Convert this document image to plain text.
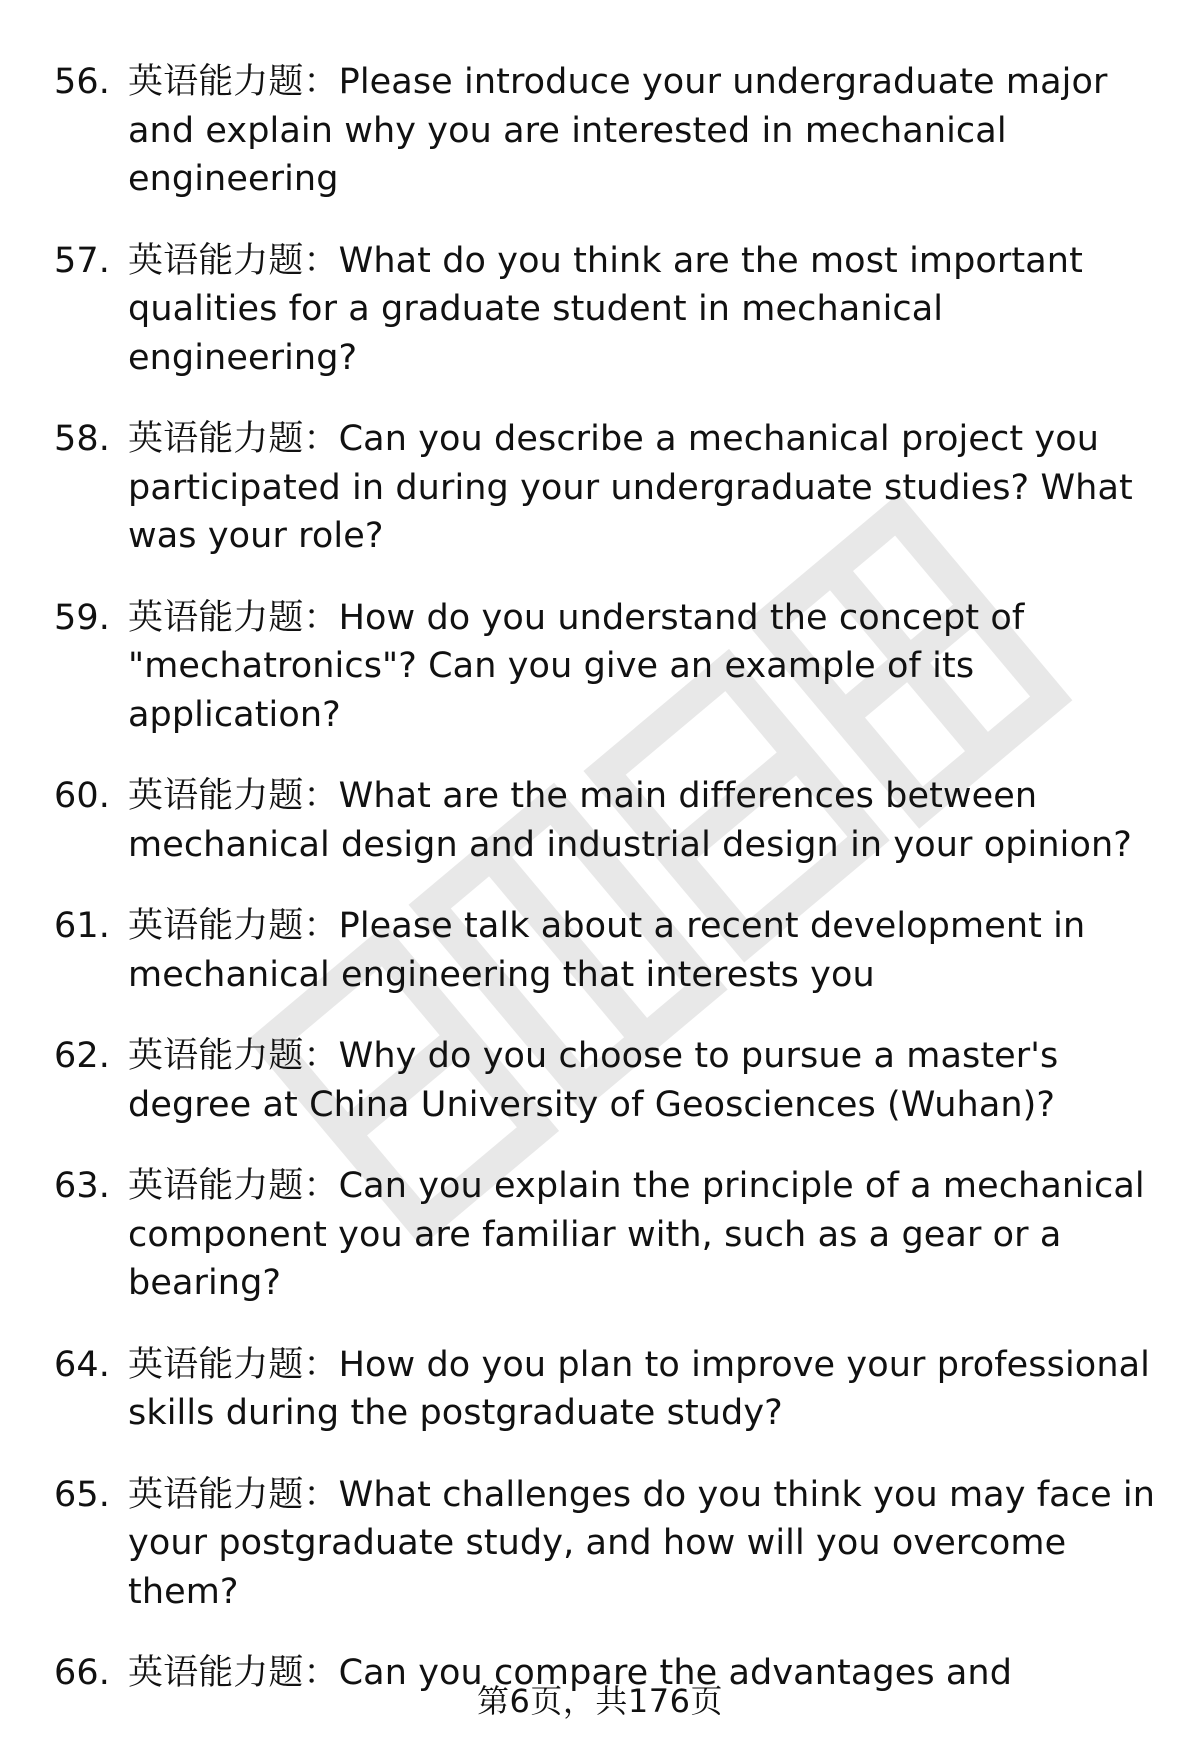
56. 英语能力题：Please introduce your undergraduate major and explain why you are interested in mechanical engineering
57. 英语能力题：What do you think are the most important qualities for a graduate student in mechanical engineering?
58. 英语能力题：Can you describe a mechanical project you participated in during your undergraduate studies? What was your role?
59. 英语能力题：How do you understand the concept of "mechatronics"? Can you give an example of its application?
60. 英语能力题：What are the main differences between mechanical design and industrial design in your opinion?
61. 英语能力题：Please talk about a recent development in mechanical engineering that interests you
62. 英语能力题：Why do you choose to pursue a master's degree at China University of Geosciences (Wuhan)?
63. 英语能力题：Can you explain the principle of a mechanical component you are familiar with, such as a gear or a bearing?
64. 英语能力题：How do you plan to improve your professional skills during the postgraduate study?
65. 英语能力题：What challenges do you think you may face in your postgraduate study, and how will you overcome them?
66. 英语能力题：Can you compare the advantages and
第6页，共176页
